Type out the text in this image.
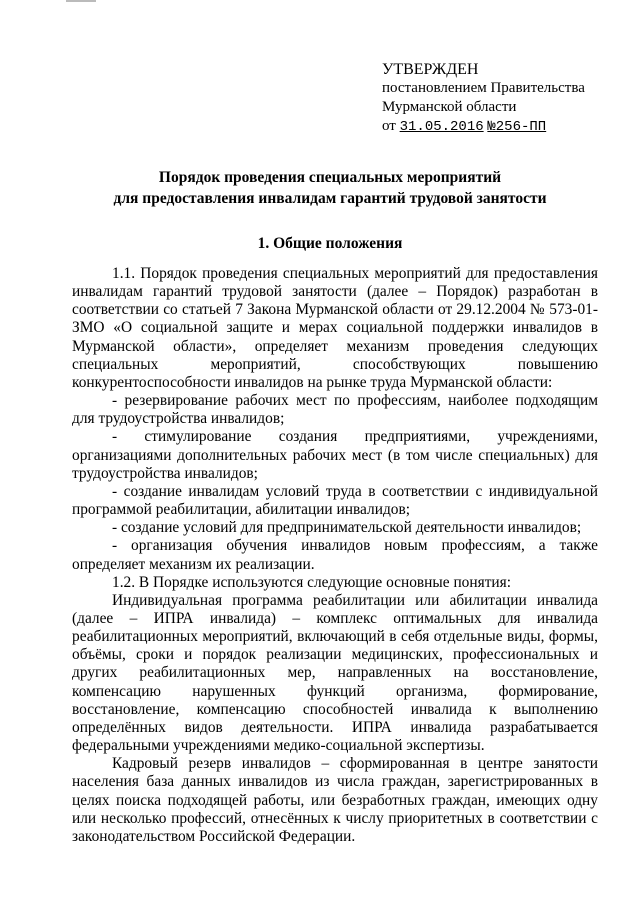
УТВЕРЖДЕН
постановлением Правительства
Мурманской области
от 31.05.2016 №256-ПП
Порядок проведения специальных мероприятий
для предоставления инвалидам гарантий трудовой занятости
1. Общие положения

1.1. Порядок проведения специальных мероприятий для предоставления инвалидам гарантий трудовой занятости (далее – Порядок) разработан в соответствии со статьей 7 Закона Мурманской области от 29.12.2004 № 573-01-ЗМО «О социальной защите и мерах социальной поддержки инвалидов в Мурманской области», определяет механизм проведения следующих специальных мероприятий, способствующих повышению конкурентоспособности инвалидов на рынке труда Мурманской области:

- резервирование рабочих мест по профессиям, наиболее подходящим для трудоустройства инвалидов;

- стимулирование создания предприятиями, учреждениями, организациями дополнительных рабочих мест (в том числе специальных) для трудоустройства инвалидов;

- создание инвалидам условий труда в соответствии с индивидуальной программой реабилитации, абилитации инвалидов;

- создание условий для предпринимательской деятельности инвалидов;

- организация обучения инвалидов новым профессиям, а также определяет механизм их реализации.

1.2. В Порядке используются следующие основные понятия:

Индивидуальная программа реабилитации или абилитации инвалида (далее – ИПРА инвалида) – комплекс оптимальных для инвалида реабилитационных мероприятий, включающий в себя отдельные виды, формы, объёмы, сроки и порядок реализации медицинских, профессиональных и других реабилитационных мер, направленных на восстановление, компенсацию нарушенных функций организма, формирование, восстановление, компенсацию способностей инвалида к выполнению определённых видов деятельности. ИПРА инвалида разрабатывается федеральными учреждениями медико-социальной экспертизы.

Кадровый резерв инвалидов – сформированная в центре занятости населения база данных инвалидов из числа граждан, зарегистрированных в целях поиска подходящей работы, или безработных граждан, имеющих одну или несколько профессий, отнесённых к числу приоритетных в соответствии с законодательством Российской Федерации.
